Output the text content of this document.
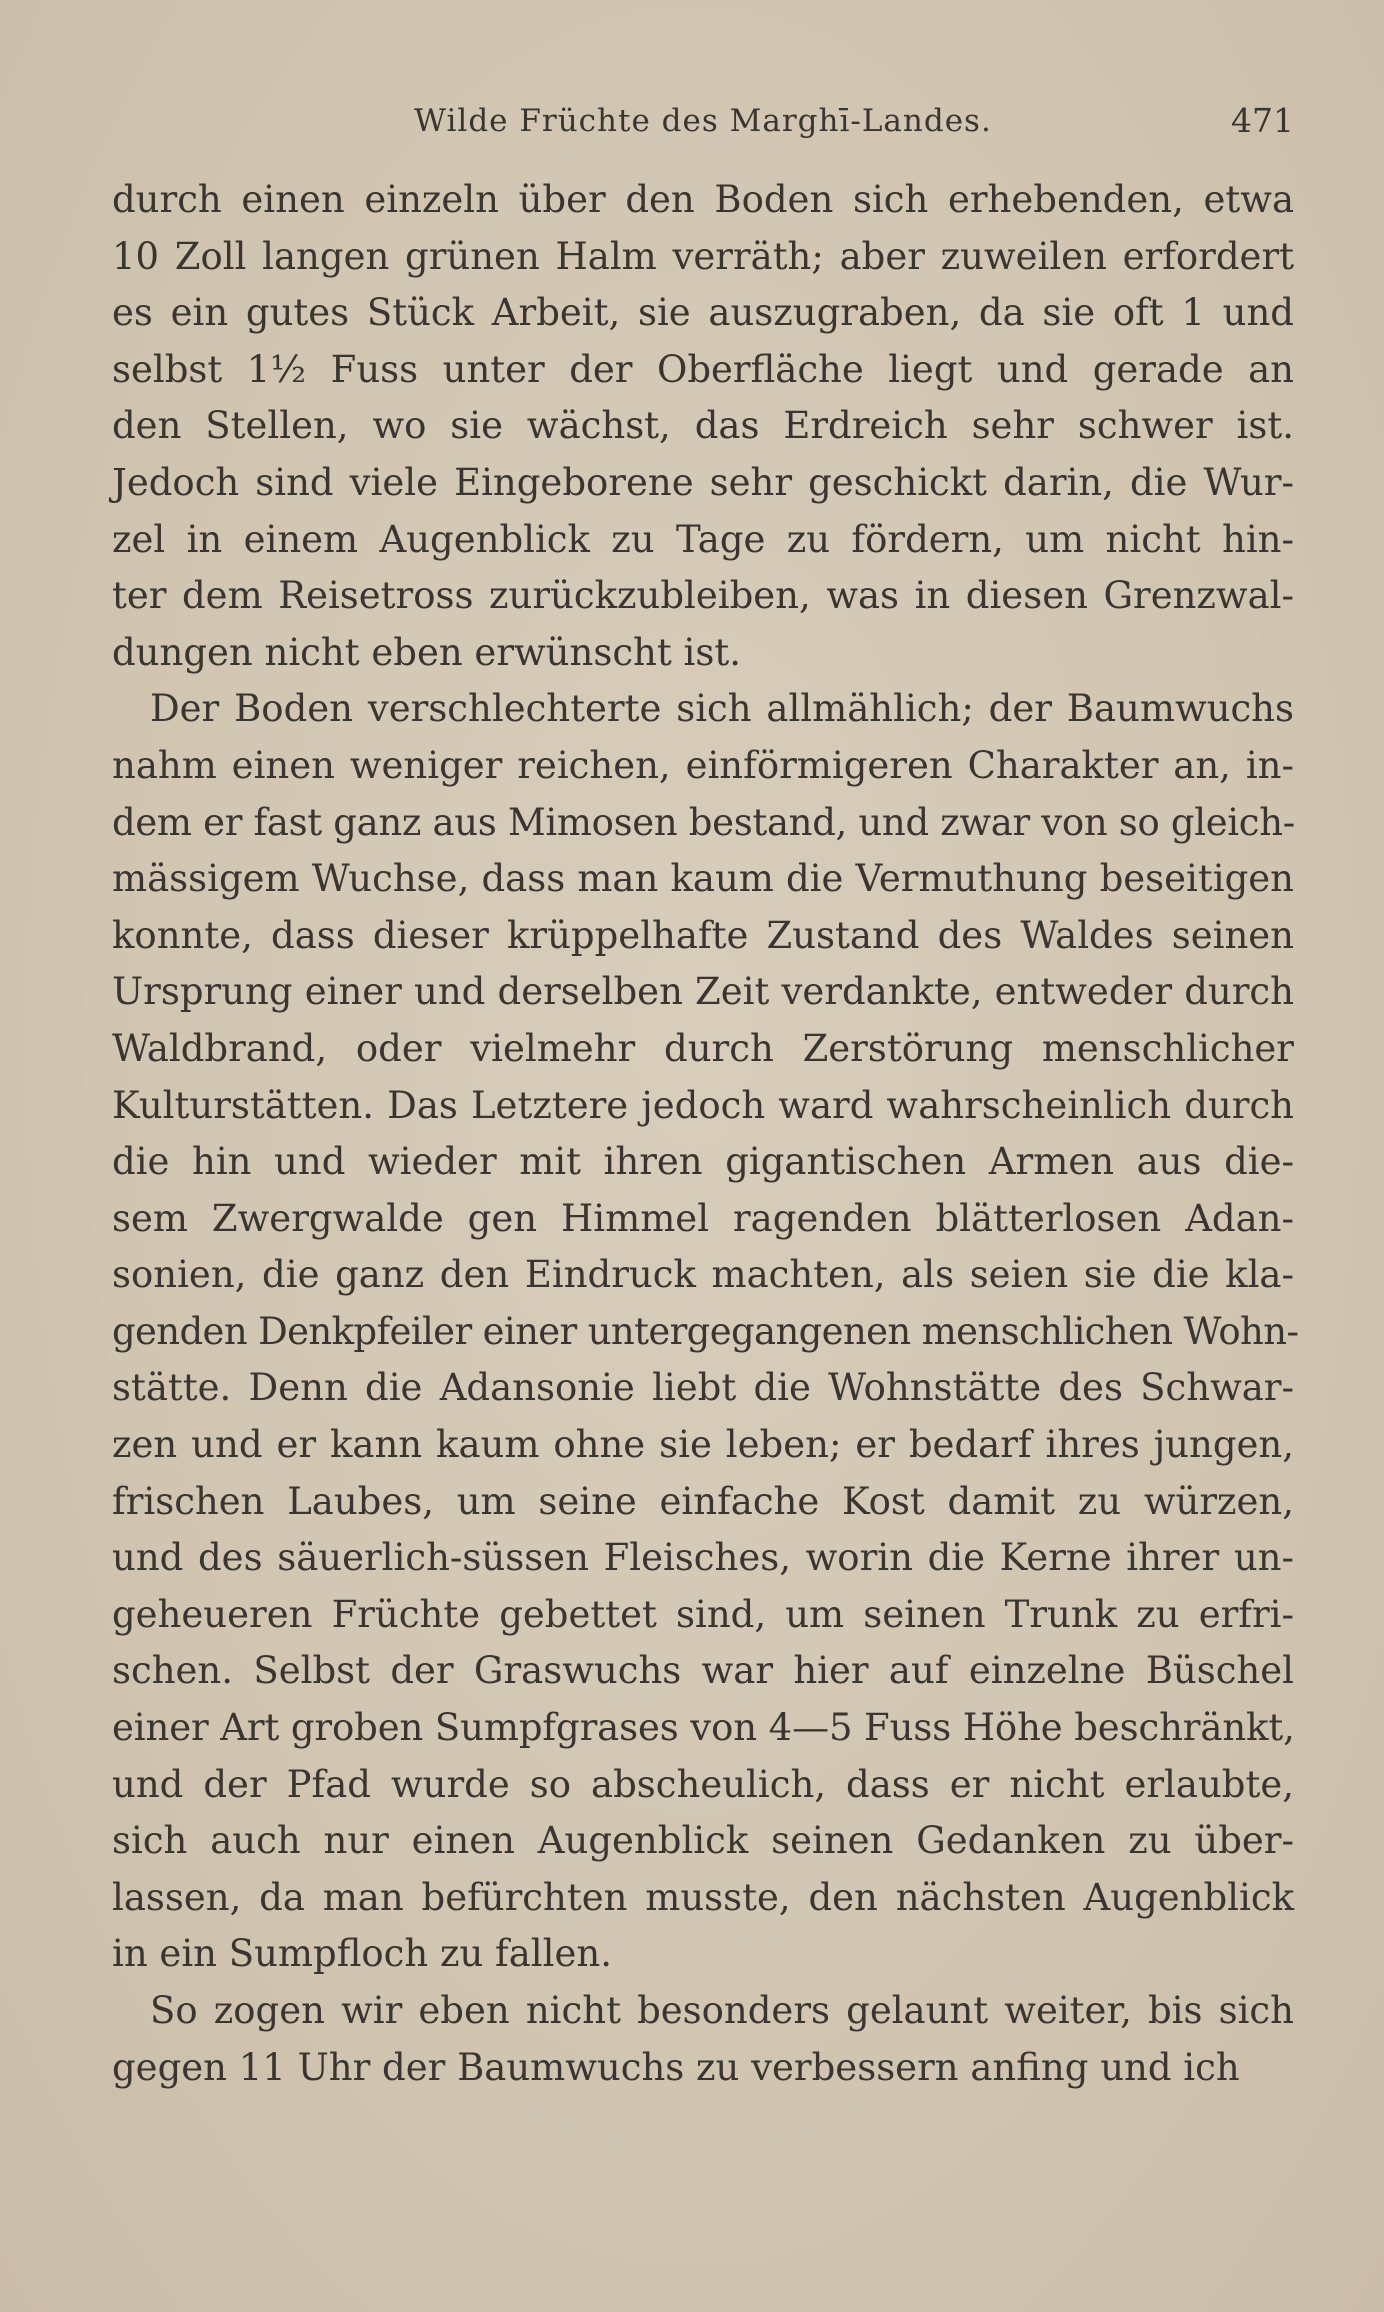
Wilde Früchte des Marghī-Landes.	471
durch einen einzeln über den Boden sich erhebenden, etwa
10 Zoll langen grünen Halm verräth; aber zuweilen erfordert
es ein gutes Stück Arbeit, sie auszugraben, da sie oft 1 und
selbst 1½ Fuss unter der Oberfläche liegt und gerade an
den Stellen, wo sie wächst, das Erdreich sehr schwer ist.
Jedoch sind viele Eingeborene sehr geschickt darin, die Wur-
zel in einem Augenblick zu Tage zu fördern, um nicht hin-
ter dem Reisetross zurückzubleiben, was in diesen Grenzwal-
dungen nicht eben erwünscht ist.
Der Boden verschlechterte sich allmählich; der Baumwuchs
nahm einen weniger reichen, einförmigeren Charakter an, in-
dem er fast ganz aus Mimosen bestand, und zwar von so gleich-
mässigem Wuchse, dass man kaum die Vermuthung beseitigen
konnte, dass dieser krüppelhafte Zustand des Waldes seinen
Ursprung einer und derselben Zeit verdankte, entweder durch
Waldbrand, oder vielmehr durch Zerstörung menschlicher
Kulturstätten. Das Letztere jedoch ward wahrscheinlich durch
die hin und wieder mit ihren gigantischen Armen aus die-
sem Zwergwalde gen Himmel ragenden blätterlosen Adan-
sonien, die ganz den Eindruck machten, als seien sie die kla-
genden Denkpfeiler einer untergegangenen menschlichen Wohn-
stätte. Denn die Adansonie liebt die Wohnstätte des Schwar-
zen und er kann kaum ohne sie leben; er bedarf ihres jungen,
frischen Laubes, um seine einfache Kost damit zu würzen,
und des säuerlich-süssen Fleisches, worin die Kerne ihrer un-
geheueren Früchte gebettet sind, um seinen Trunk zu erfri-
schen. Selbst der Graswuchs war hier auf einzelne Büschel
einer Art groben Sumpfgrases von 4—5 Fuss Höhe beschränkt,
und der Pfad wurde so abscheulich, dass er nicht erlaubte,
sich auch nur einen Augenblick seinen Gedanken zu über-
lassen, da man befürchten musste, den nächsten Augenblick
in ein Sumpfloch zu fallen.
So zogen wir eben nicht besonders gelaunt weiter, bis sich
gegen 11 Uhr der Baumwuchs zu verbessern anfing und ich
